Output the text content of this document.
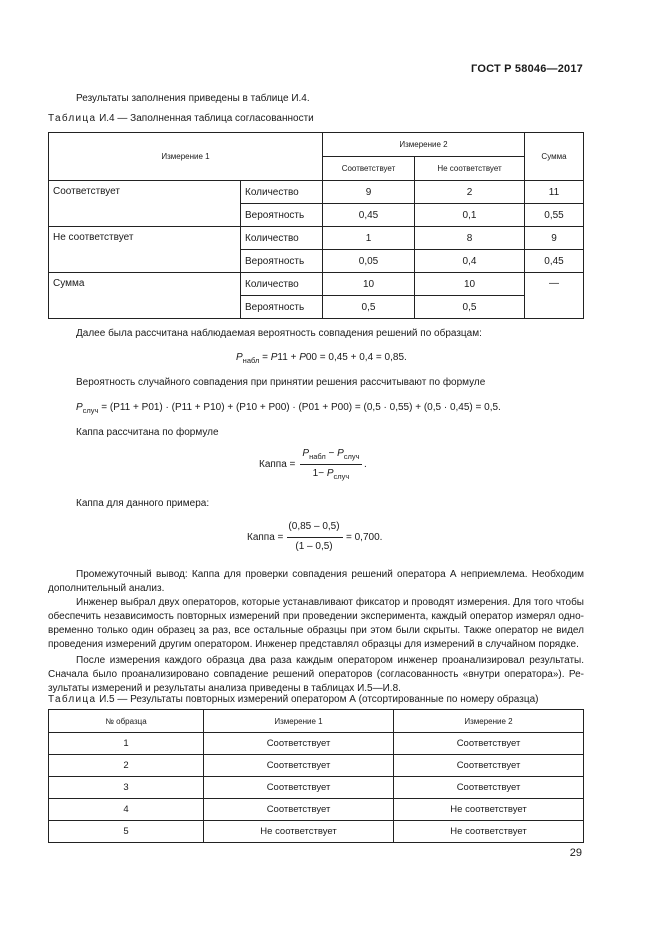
ГОСТ Р 58046—2017
Результаты заполнения приведены в таблице И.4.
Таблица И.4 — Заполненная таблица согласованности
Измерение 1		Измерение 2		Сумма
		Соответствует	Не соответствует	
Соответствует	Количество	9	2	11
	Вероятность	0,45	0,1	0,55
Не соответствует	Количество	1	8	9
	Вероятность	0,05	0,4	0,45
Сумма	Количество	10	10	—
	Вероятность	0,5	0,5	
Далее была рассчитана наблюдаемая вероятность совпадения решений по образцам:
$P_{набл} = P11 + P00 = 0,45 + 0,4 = 0,85$.
Вероятность случайного совпадения при принятии решения рассчитывают по формуле
$P_{случ} = (P11 + P01) \cdot (P11 + P10) + (P10 + P00) \cdot (P01 + P00) = (0,5 \cdot 0,55) + (0,5 \cdot 0,45) = 0,5$.
Каппа рассчитана по формуле
Каппа =
$P_{набл} - P_{случ}$
$1- P_{случ}$
.
Каппа для данного примера:
Каппа =
(0,85 – 0,5)
(1 – 0,5)
= 0,700.
Промежуточный вывод: Каппа для проверки совпадения решений оператора А неприемлема. Необходим дополнительный анализ.
Инженер выбрал двух операторов, которые устанавливают фиксатор и проводят измерения. Для того чтобы обеспечить независимость повторных измерений при проведении эксперимента, каждый оператор измерял одновременно только один образец за раз, все остальные образцы при этом были скрыты. Также оператор не видел проведения измерений другим оператором. Инженер представлял образцы для измерений в случайном порядке.
После измерения каждого образца два раза каждым оператором инженер проанализировал результаты. Сначала было проанализировано совпадение решений операторов (согласованность «внутри оператора»). Результаты измерений и результаты анализа приведены в таблицах И.5—И.8.
Таблица И.5 — Результаты повторных измерений оператором А (отсортированные по номеру образца)
№ образца	Измерение 1	Измерение 2
1	Соответствует	Соответствует
2	Соответствует	Соответствует
3	Соответствует	Соответствует
4	Соответствует	Не соответствует
5	Не соответствует	Не соответствует
29
